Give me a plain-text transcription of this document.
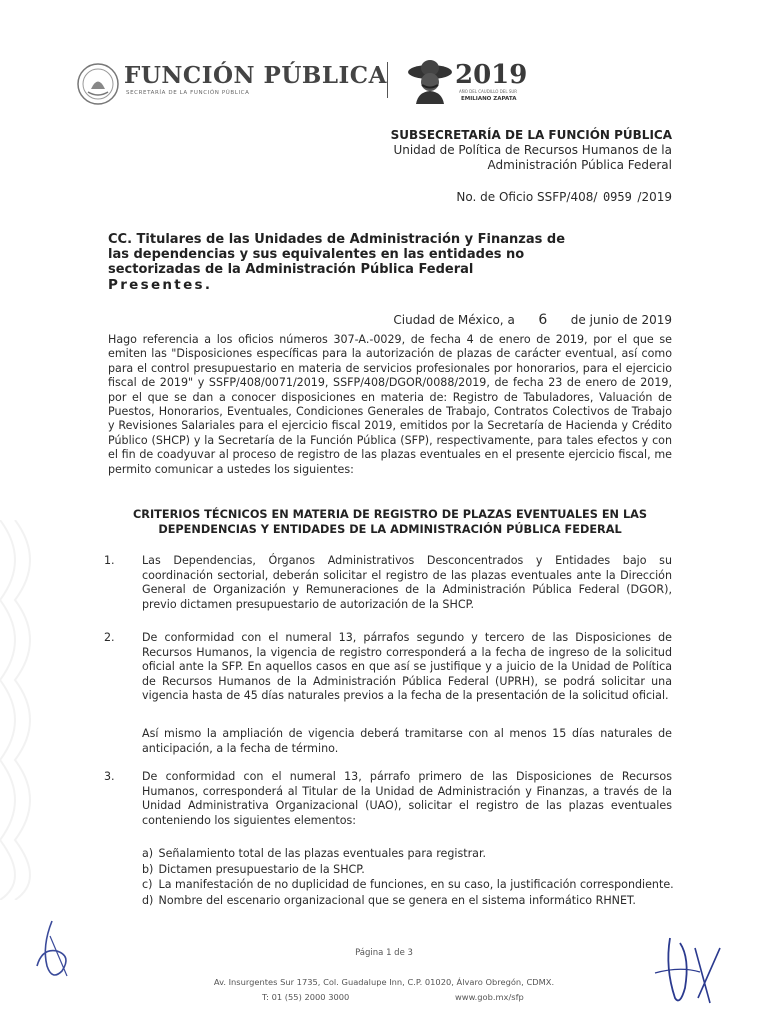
FUNCIÓN PÚBLICA
SECRETARÍA DE LA FUNCIÓN PÚBLICA
2019
AÑO DEL CAUDILLO DEL SUR
EMILIANO ZAPATA
SUBSECRETARÍA DE LA FUNCIÓN PÚBLICA
Unidad de Política de Recursos Humanos de la
Administración Pública Federal
No. de Oficio SSFP/408/ 0959 /2019
CC. Titulares de las Unidades de Administración y Finanzas de las dependencias y sus equivalentes en las entidades no sectorizadas de la Administración Pública Federal
Presentes.
Ciudad de México, a 6 de junio de 2019
Hago referencia a los oficios números 307-A.-0029, de fecha 4 de enero de 2019, por el que se emiten las "Disposiciones específicas para la autorización de plazas de carácter eventual, así como para el control presupuestario en materia de servicios profesionales por honorarios, para el ejercicio fiscal de 2019" y SSFP/408/0071/2019, SSFP/408/DGOR/0088/2019, de fecha 23 de enero de 2019, por el que se dan a conocer disposiciones en materia de: Registro de Tabuladores, Valuación de Puestos, Honorarios, Eventuales, Condiciones Generales de Trabajo, Contratos Colectivos de Trabajo y Revisiones Salariales para el ejercicio fiscal 2019, emitidos por la Secretaría de Hacienda y Crédito Público (SHCP) y la Secretaría de la Función Pública (SFP), respectivamente, para tales efectos y con el fin de coadyuvar al proceso de registro de las plazas eventuales en el presente ejercicio fiscal, me permito comunicar a ustedes los siguientes:
CRITERIOS TÉCNICOS EN MATERIA DE REGISTRO DE PLAZAS EVENTUALES EN LAS DEPENDENCIAS Y ENTIDADES DE LA ADMINISTRACIÓN PÚBLICA FEDERAL
1. Las Dependencias, Órganos Administrativos Desconcentrados y Entidades bajo su coordinación sectorial, deberán solicitar el registro de las plazas eventuales ante la Dirección General de Organización y Remuneraciones de la Administración Pública Federal (DGOR), previo dictamen presupuestario de autorización de la SHCP.
2. De conformidad con el numeral 13, párrafos segundo y tercero de las Disposiciones de Recursos Humanos, la vigencia de registro corresponderá a la fecha de ingreso de la solicitud oficial ante la SFP. En aquellos casos en que así se justifique y a juicio de la Unidad de Política de Recursos Humanos de la Administración Pública Federal (UPRH), se podrá solicitar una vigencia hasta de 45 días naturales previos a la fecha de la presentación de la solicitud oficial.
Así mismo la ampliación de vigencia deberá tramitarse con al menos 15 días naturales de anticipación, a la fecha de término.
3. De conformidad con el numeral 13, párrafo primero de las Disposiciones de Recursos Humanos, corresponderá al Titular de la Unidad de Administración y Finanzas, a través de la Unidad Administrativa Organizacional (UAO), solicitar el registro de las plazas eventuales conteniendo los siguientes elementos:
a) Señalamiento total de las plazas eventuales para registrar.
b) Dictamen presupuestario de la SHCP.
c) La manifestación de no duplicidad de funciones, en su caso, la justificación correspondiente.
d) Nombre del escenario organizacional que se genera en el sistema informático RHNET.
Página 1 de 3
Av. Insurgentes Sur 1735, Col. Guadalupe Inn, C.P. 01020, Álvaro Obregón, CDMX.
T: 01 (55) 2000 3000	www.gob.mx/sfp
